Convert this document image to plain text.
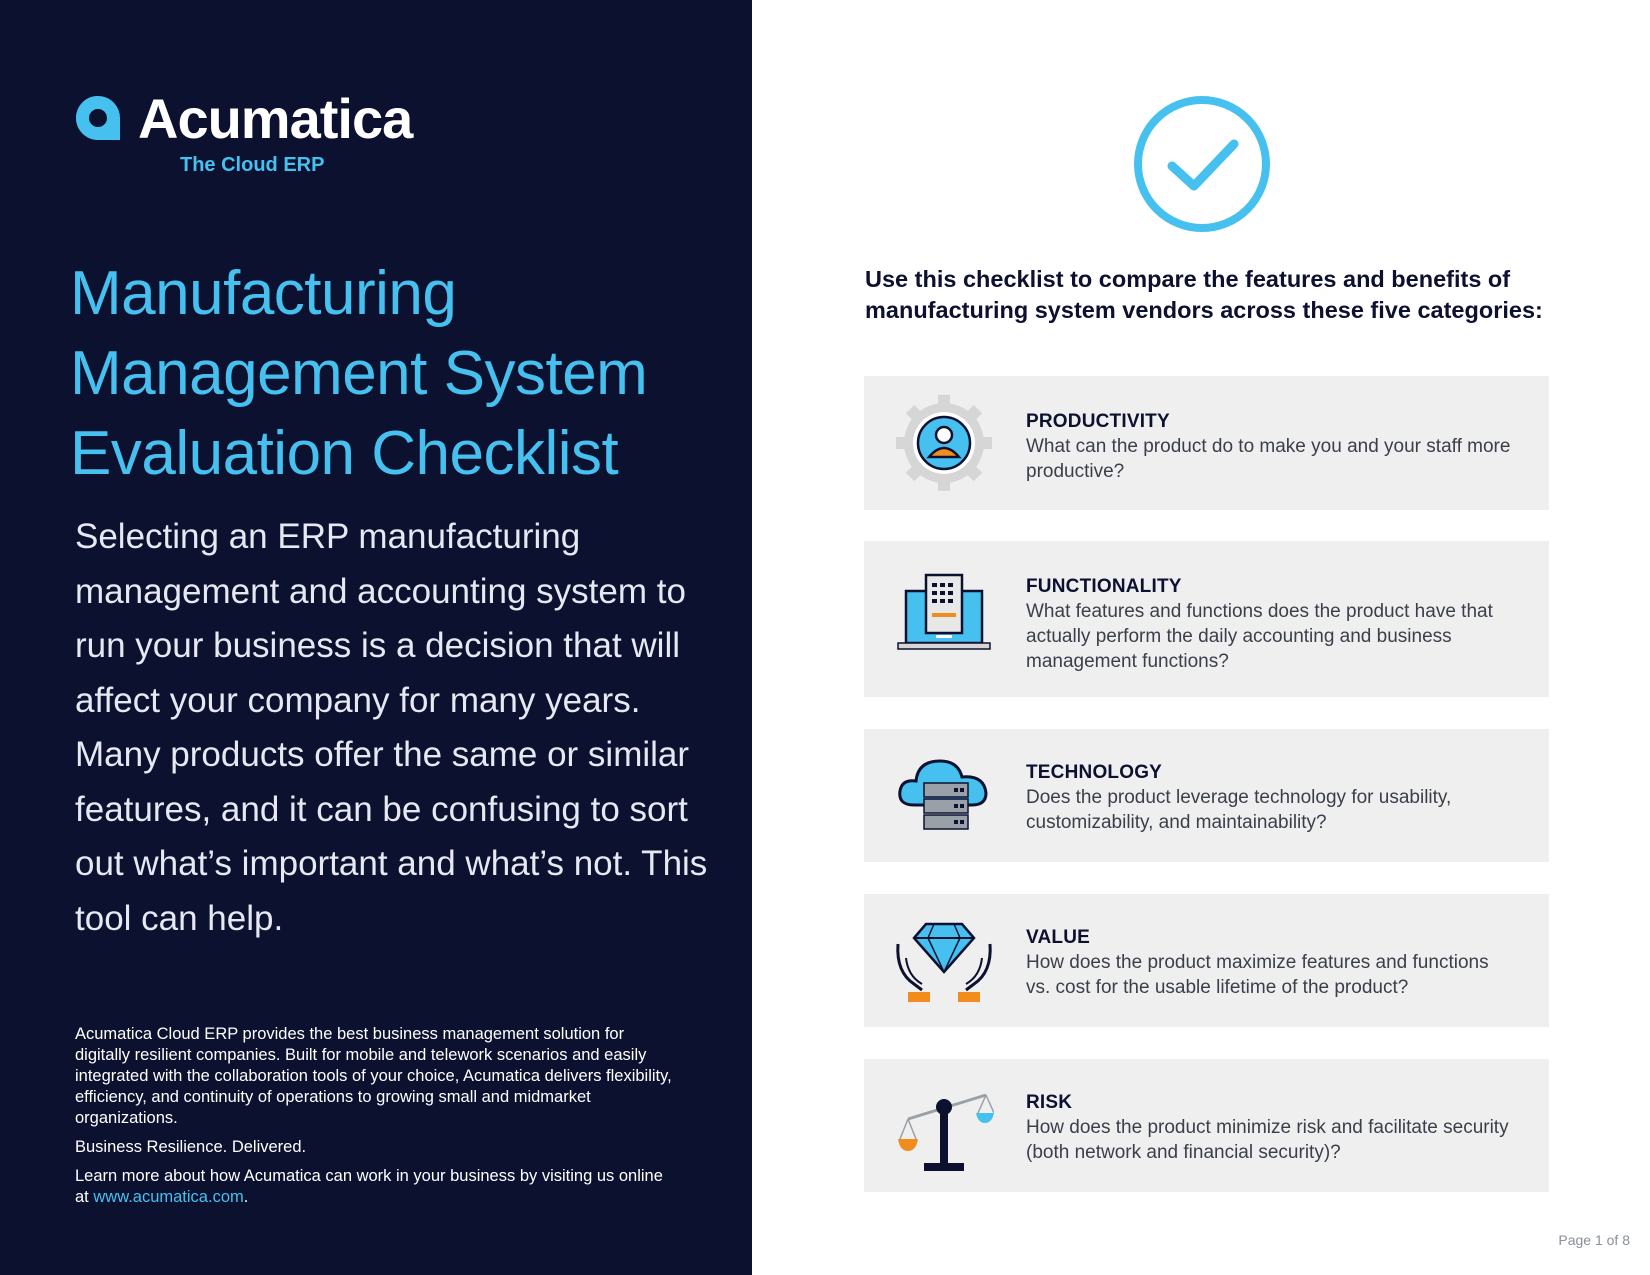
Acumatica
The Cloud ERP
Manufacturing
Management System
Evaluation Checklist

Selecting an ERP manufacturing management and accounting system to run your business is a decision that will affect your company for many years. Many products offer the same or similar features, and it can be confusing to sort out what’s important and what’s not. This tool can help.

Acumatica Cloud ERP provides the best business management solution for digitally resilient companies. Built for mobile and telework scenarios and easily integrated with the collaboration tools of your choice, Acumatica delivers flexibility, efficiency, and continuity of operations to growing small and midmarket organizations.

Business Resilience. Delivered.

Learn more about how Acumatica can work in your business by visiting us online at www.acumatica.com.

Use this checklist to compare the features and benefits of manufacturing system vendors across these five categories:

PRODUCTIVITY

What can the product do to make you and your staff more productive?

FUNCTIONALITY

What features and functions does the product have that actually perform the daily accounting and business management functions?

TECHNOLOGY

Does the product leverage technology for usability, customizability, and maintainability?

VALUE

How does the product maximize features and functions vs. cost for the usable lifetime of the product?

RISK

How does the product minimize risk and facilitate security (both network and financial security)?

Page 1 of 8
